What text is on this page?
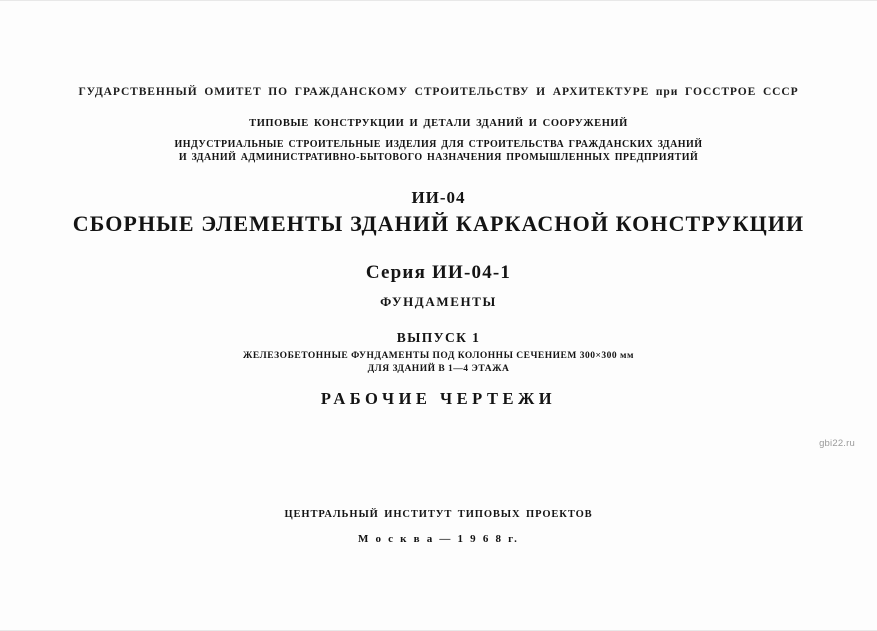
ГУДАРСТВЕННЫЙ ОМИТЕТ ПО ГРАЖДАНСКОМУ СТРОИТЕЛЬСТВУ И АРХИТЕКТУРЕ при ГОССТРОЕ СССР
ТИПОВЫЕ КОНСТРУКЦИИ И ДЕТАЛИ ЗДАНИЙ И СООРУЖЕНИЙ
ИНДУСТРИАЛЬНЫЕ СТРОИТЕЛЬНЫЕ ИЗДЕЛИЯ ДЛЯ СТРОИТЕЛЬСТВА ГРАЖДАНСКИХ ЗДАНИЙ
И ЗДАНИЙ АДМИНИСТРАТИВНО-БЫТОВОГО НАЗНАЧЕНИЯ ПРОМЫШЛЕННЫХ ПРЕДПРИЯТИЙ
ИИ-04
СБОРНЫЕ ЭЛЕМЕНТЫ ЗДАНИЙ КАРКАСНОЙ КОНСТРУКЦИИ
Серия ИИ-04-1
ФУНДАМЕНТЫ
ВЫПУСК 1
ЖЕЛЕЗОБЕТОННЫЕ ФУНДАМЕНТЫ ПОД КОЛОННЫ СЕЧЕНИЕМ 300×300 мм
ДЛЯ ЗДАНИЙ В 1—4 ЭТАЖА
РАБОЧИЕ ЧЕРТЕЖИ
ЦЕНТРАЛЬНЫЙ ИНСТИТУТ ТИПОВЫХ ПРОЕКТОВ
М о с к в а — 1 9 6 8 г.
gbi22.ru
